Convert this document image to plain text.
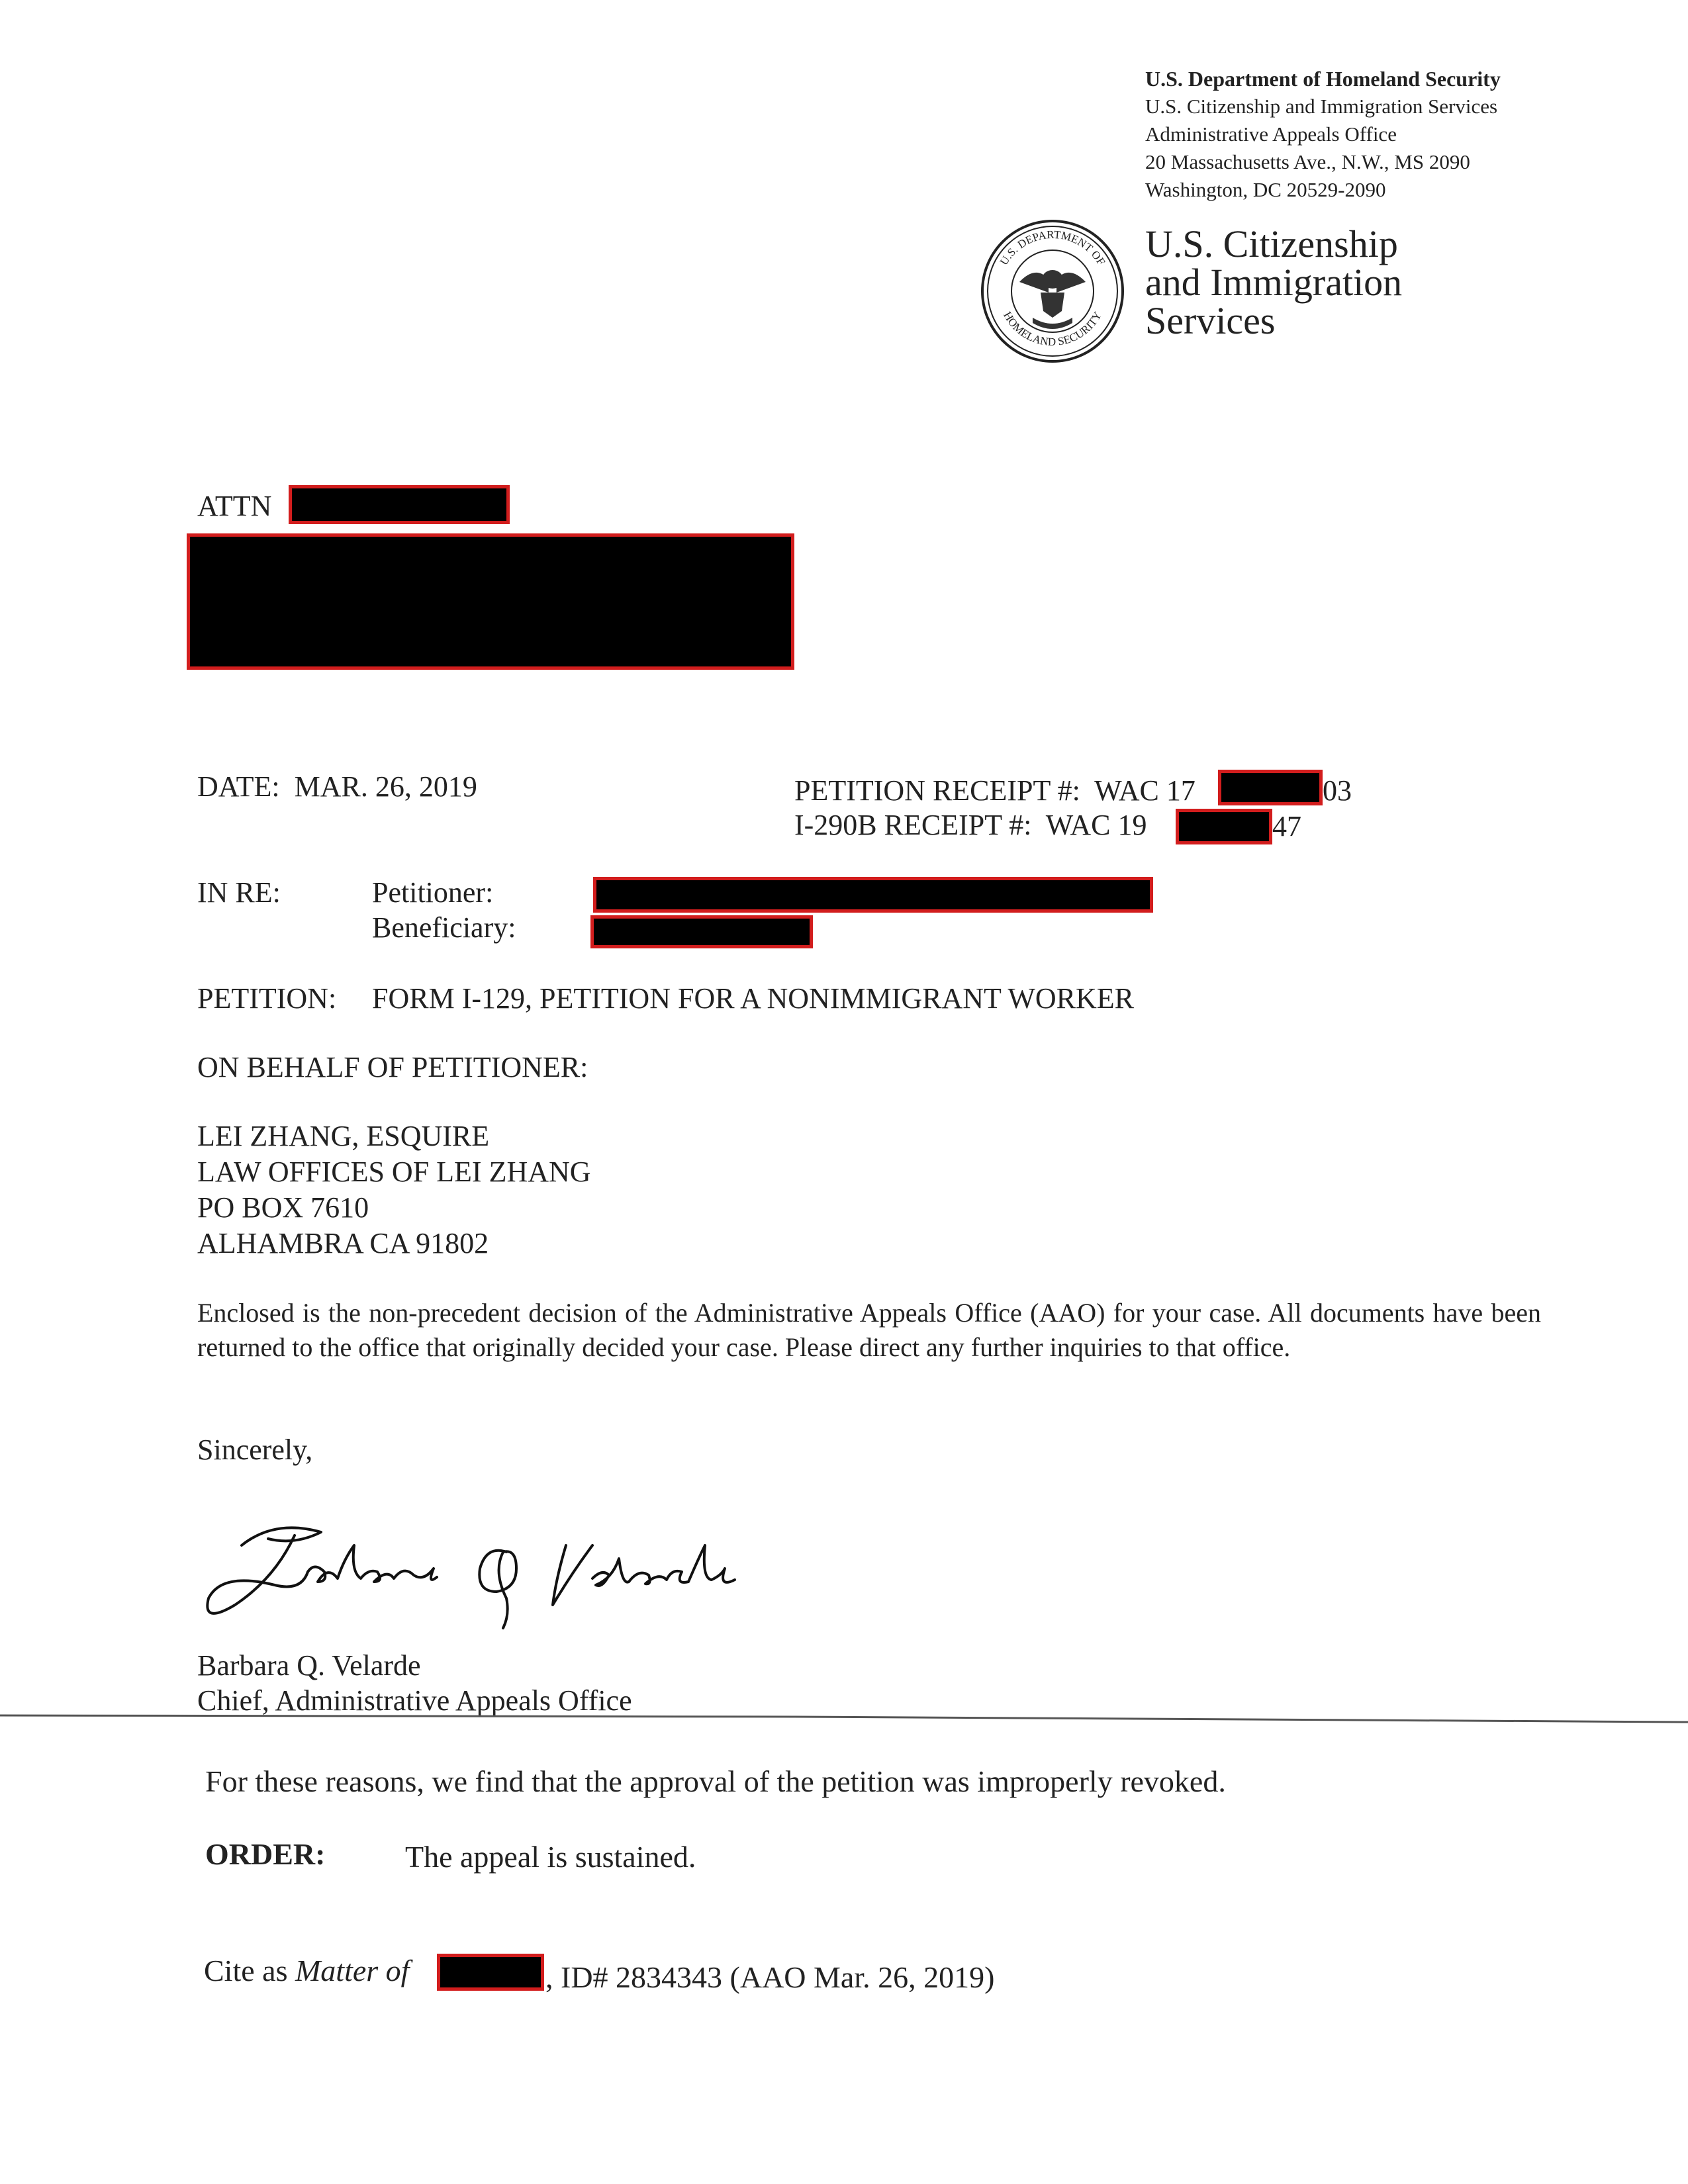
U.S. Department of Homeland Security
U.S. Citizenship and Immigration Services
Administrative Appeals Office
20 Massachusetts Ave., N.W., MS 2090
Washington, DC 20529-2090
U.S. DEPARTMENT OF
HOMELAND SECURITY
U.S. Citizenship
and Immigration
Services
ATTN
DATE: MAR. 26, 2019	PETITION RECEIPT #: WAC 17	03
I-290B RECEIPT #: WAC 19	47
IN RE:	Petitioner:
Beneficiary:
PETITION: FORM I-129, PETITION FOR A NONIMMIGRANT WORKER
ON BEHALF OF PETITIONER:
LEI ZHANG, ESQUIRE
LAW OFFICES OF LEI ZHANG
PO BOX 7610
ALHAMBRA CA 91802
Enclosed is the non-precedent decision of the Administrative Appeals Office (AAO) for your case. All documents have been returned to the office that originally decided your case. Please direct any further inquiries to that office.
Sincerely,
Barbara Q. Velarde
Chief, Administrative Appeals Office
For these reasons, we find that the approval of the petition was improperly revoked.
ORDER:	The appeal is sustained.
Cite as Matter of	, ID# 2834343 (AAO Mar. 26, 2019)
